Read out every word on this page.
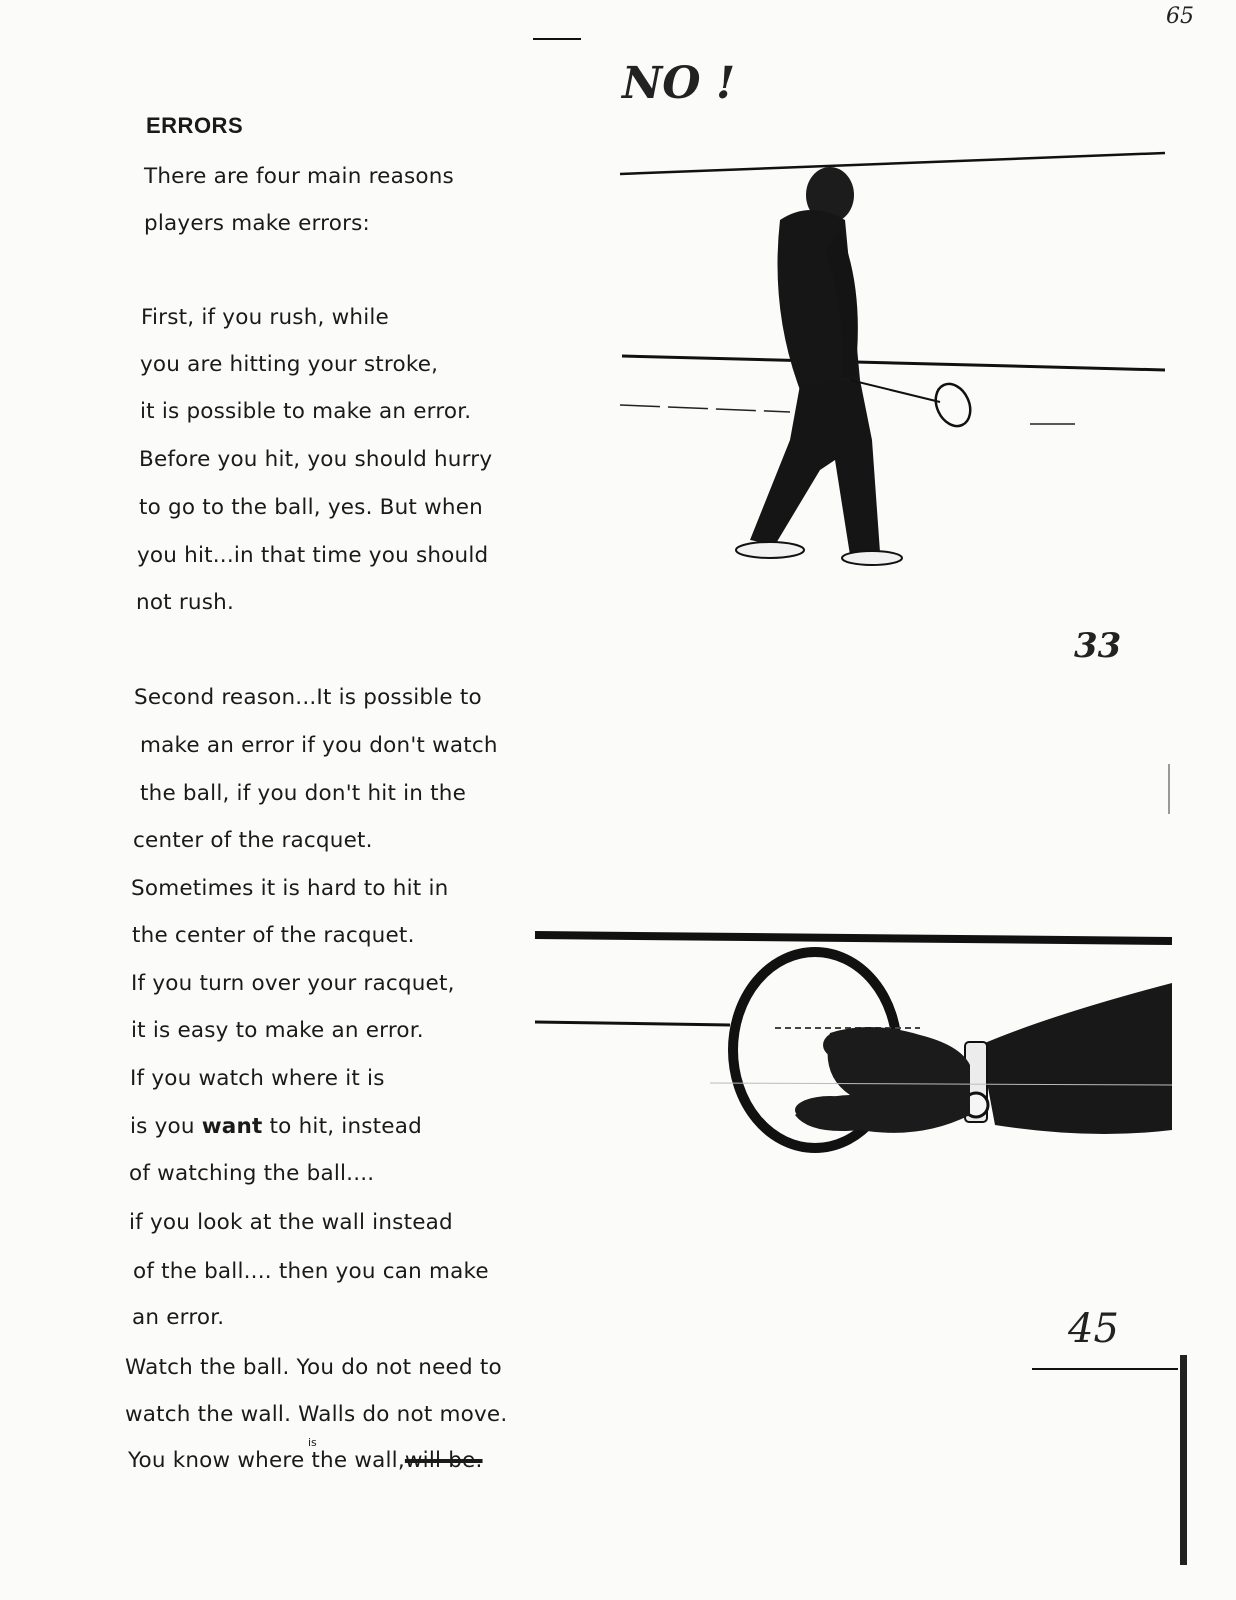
65
NO !
ERRORS
There are four main reasons
players make errors:
First, if you rush, while
you are hitting your stroke,
it is possible to make an error.
Before you hit, you should hurry
to go to the ball, yes. But when
you hit...in that time you should
not rush.
Second reason...It is possible to
make an error if you don't watch
the ball, if you don't hit in the
center of the racquet.
Sometimes it is hard to hit in
the center of the racquet.
If you turn over your racquet,
it is easy to make an error.
If you watch where it is
is you want to hit, instead
of watching the ball....
if you look at the wall instead
of the ball.... then you can make
an error.
Watch the ball. You do not need to
watch the wall. Walls do not move.
You know where the wall,will be.
is
33
45
